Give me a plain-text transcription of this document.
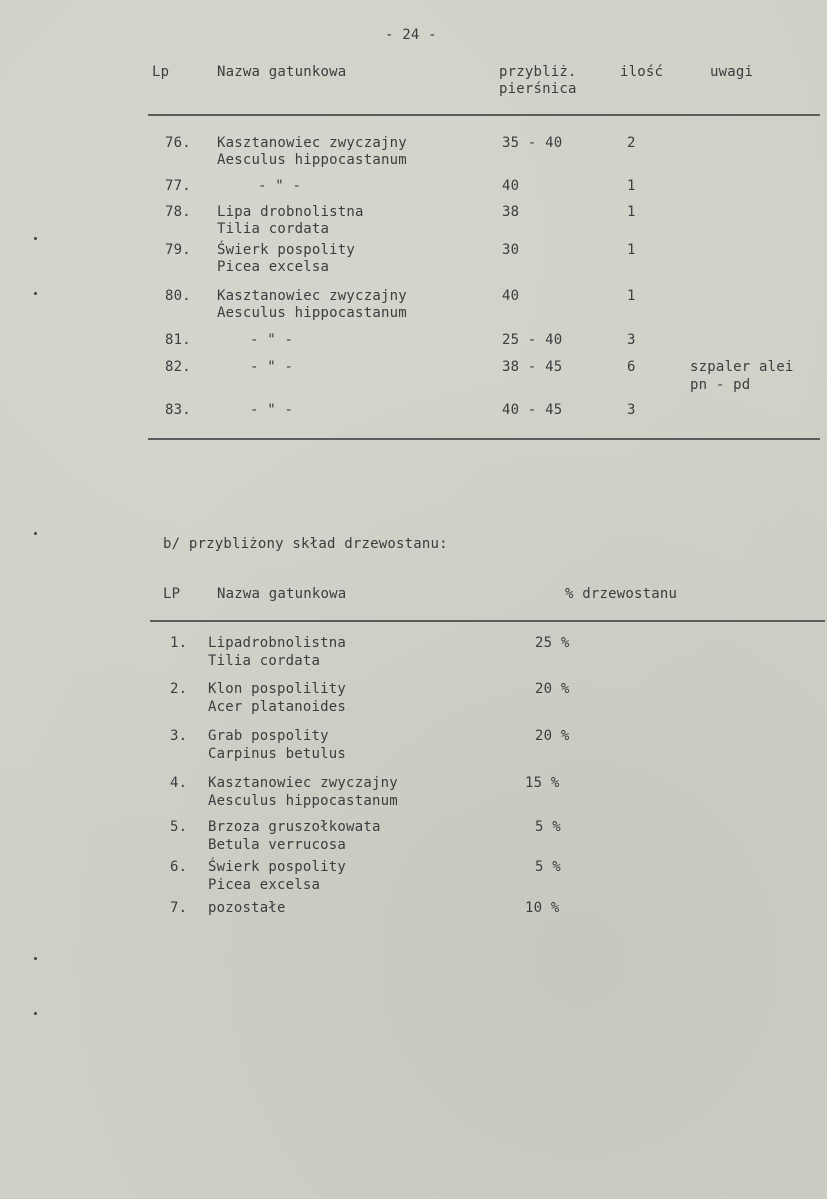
- 24 -
Lp	Nazwa gatunkowa	przybliż.
pierśnica
ilość	uwagi
76. Kasztanowiec zwyczajny
Aesculus hippocastanum
35 - 40	2
77.	- " -	40	1
78. Lipa drobnolistna
Tilia cordata
38	1
79. Świerk pospolity
Picea excelsa
30	1
80. Kasztanowiec zwyczajny
Aesculus hippocastanum
40	1
81.	- " -	25 - 40	3
82.	- " -	38 - 45	6	szpaler alei
pn - pd
83.	- " -	40 - 45	3
b/ przybliżony skład drzewostanu:
LP	Nazwa gatunkowa	% drzewostanu
1. Lipadrobnolistna
Tilia cordata
25 %
2. Klon pospolility
Acer platanoides
20 %
3. Grab pospolity
Carpinus betulus
20 %
4. Kasztanowiec zwyczajny
Aesculus hippocastanum
15 %
5. Brzoza gruszołkowata
Betula verrucosa
5 %
6. Świerk pospolity
Picea excelsa
5 %
7. pozostałe	10 %
